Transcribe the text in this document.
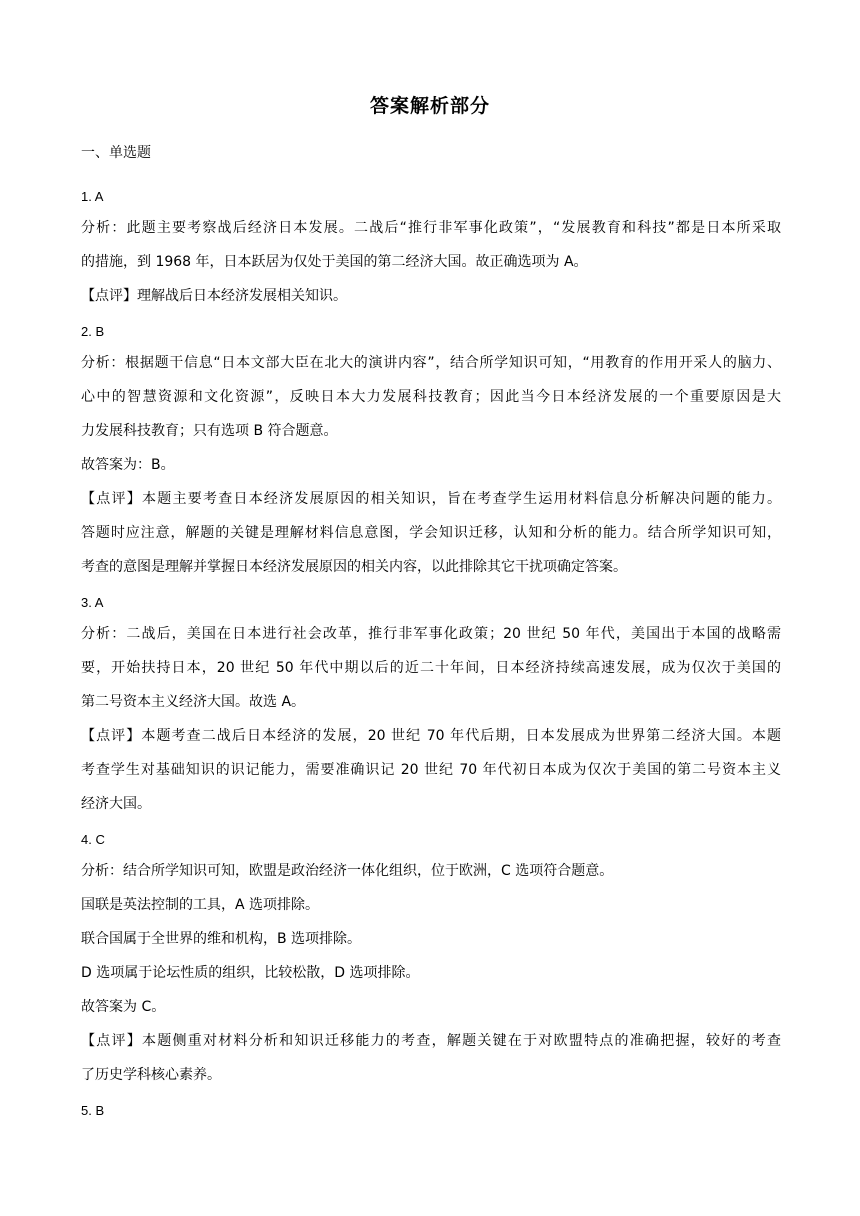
答案解析部分
一、单选题
1. A
分析：此题主要考察战后经济日本发展。二战后“推行非军事化政策”，“发展教育和科技”都是日本所采取
的措施，到 1968 年，日本跃居为仅处于美国的第二经济大国。故正确选项为 A。
【点评】理解战后日本经济发展相关知识。
2. B
分析：根据题干信息“日本文部大臣在北大的演讲内容”，结合所学知识可知，“用教育的作用开采人的脑力、
心中的智慧资源和文化资源”，反映日本大力发展科技教育；因此当今日本经济发展的一个重要原因是大
力发展科技教育；只有选项 B 符合题意。
故答案为：B。
【点评】本题主要考查日本经济发展原因的相关知识，旨在考查学生运用材料信息分析解决问题的能力。
答题时应注意，解题的关键是理解材料信息意图，学会知识迁移，认知和分析的能力。结合所学知识可知，
考查的意图是理解并掌握日本经济发展原因的相关内容，以此排除其它干扰项确定答案。
3. A
分析：二战后，美国在日本进行社会改革，推行非军事化政策；20 世纪 50 年代，美国出于本国的战略需
要，开始扶持日本，20 世纪 50 年代中期以后的近二十年间，日本经济持续高速发展，成为仅次于美国的
第二号资本主义经济大国。故选 A。
【点评】本题考查二战后日本经济的发展，20 世纪 70 年代后期，日本发展成为世界第二经济大国。本题
考查学生对基础知识的识记能力，需要准确识记 20 世纪 70 年代初日本成为仅次于美国的第二号资本主义
经济大国。
4. C
分析：结合所学知识可知，欧盟是政治经济一体化组织，位于欧洲，C 选项符合题意。
国联是英法控制的工具，A 选项排除。
联合国属于全世界的维和机构，B 选项排除。
D 选项属于论坛性质的组织，比较松散，D 选项排除。
故答案为 C。
【点评】本题侧重对材料分析和知识迁移能力的考查，解题关键在于对欧盟特点的准确把握，较好的考查
了历史学科核心素养。
5. B
